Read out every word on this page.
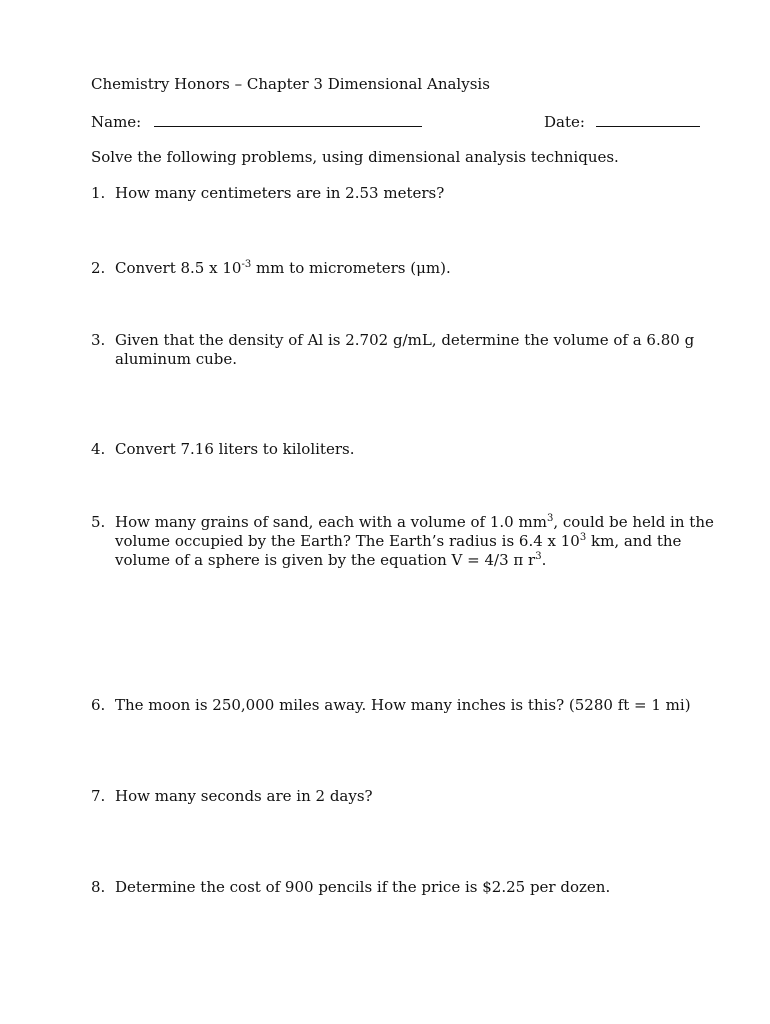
Chemistry Honors – Chapter 3 Dimensional Analysis
Name:	Date:
Solve the following problems, using dimensional analysis techniques.
1. How many centimeters are in 2.53 meters?
2. Convert 8.5 x $10^{-3}$ mm to micrometers (μm).
3. Given that the density of Al is 2.702 g/mL, determine the volume of a 6.80 g
aluminum cube.
4. Convert 7.16 liters to kiloliters.
5. How many grains of sand, each with a volume of 1.0 $mm^3$, could be held in the
volume occupied by the Earth? The Earth’s radius is 6.4 x $10^3$ km, and the
volume of a sphere is given by the equation V = 4/3 π $r^3$.
6. The moon is 250,000 miles away. How many inches is this? (5280 ft = 1 mi)
7. How many seconds are in 2 days?
8. Determine the cost of 900 pencils if the price is $2.25 per dozen.
